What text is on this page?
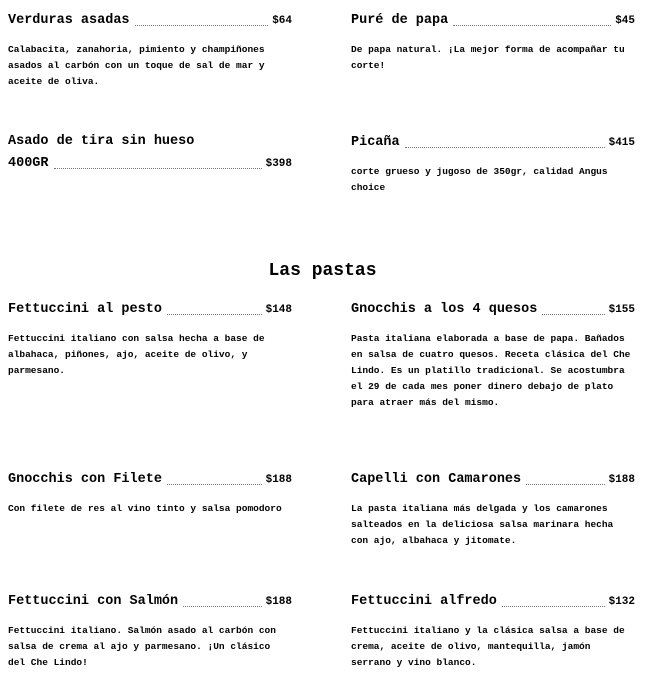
Verduras asadas	$64
Calabacita, zanahoria, pimiento y champiñones asados al carbón con un toque de sal de mar y aceite de oliva.
Puré de papa	$45
De papa natural. ¡La mejor forma de acompañar tu corte!
Asado de tira sin hueso
400GR	$398
Picaña	$415
corte grueso y jugoso de 350gr, calidad Angus choice
Las pastas
Fettuccini al pesto	$148
Fettuccini italiano con salsa hecha a base de albahaca, piñones, ajo, aceite de olivo, y parmesano.
Gnocchis a los 4 quesos	$155
Pasta italiana elaborada a base de papa. Bañados en salsa de cuatro quesos. Receta clásica del Che Lindo. Es un platillo tradicional. Se acostumbra el 29 de cada mes poner dinero debajo de plato para atraer más del mismo.
Gnocchis con Filete	$188
Con filete de res al vino tinto y salsa pomodoro
Capelli con Camarones	$188
La pasta italiana más delgada y los camarones salteados en la deliciosa salsa marinara hecha con ajo, albahaca y jitomate.
Fettuccini con Salmón	$188
Fettuccini italiano. Salmón asado al carbón con salsa de crema al ajo y parmesano. ¡Un clásico del Che Lindo!
Fettuccini alfredo	$132
Fettuccini italiano y la clásica salsa a base de crema, aceite de olivo, mantequilla, jamón serrano y vino blanco.
